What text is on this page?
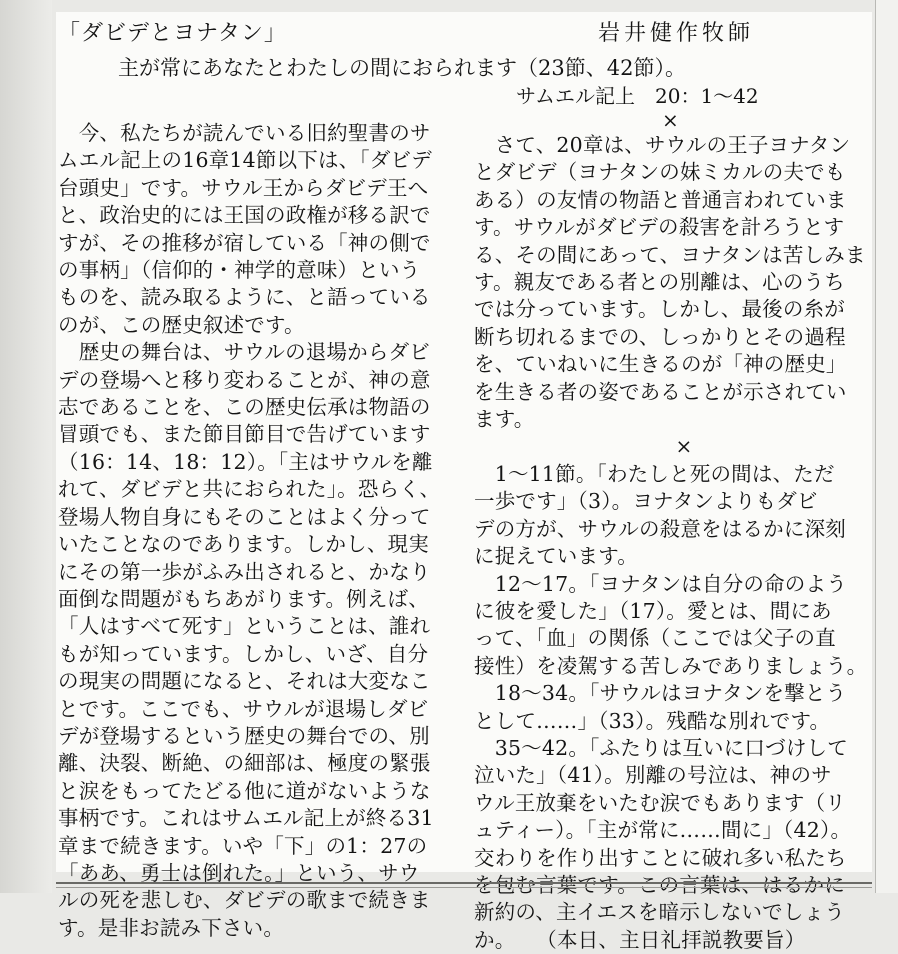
「ダビデとヨナタン」	岩井健作牧師
主が常にあなたとわたしの間におられます（23節、42節）。
サムエル記上　20：1～42
×
　今、私たちが読んでいる旧約聖書のサ
ムエル記上の16章14節以下は、「ダビデ
台頭史」です。サウル王からダビデ王へ
と、政治史的には王国の政権が移る訳で
すが、その推移が宿している「神の側で
の事柄」（信仰的・神学的意味）という
ものを、読み取るように、と語っている
のが、この歴史叙述です。
　歴史の舞台は、サウルの退場からダビ
デの登場へと移り変わることが、神の意
志であることを、この歴史伝承は物語の
冒頭でも、また節目節目で告げています
（16：14、18：12）。「主はサウルを離
れて、ダビデと共におられた」。恐らく、
登場人物自身にもそのことはよく分って
いたことなのであります。しかし、現実
にその第一歩がふみ出されると、かなり
面倒な問題がもちあがります。例えば、
「人はすべて死す」ということは、誰れ
もが知っています。しかし、いざ、自分
の現実の問題になると、それは大変なこ
とです。ここでも、サウルが退場しダビ
デが登場するという歴史の舞台での、別
離、決裂、断絶、の細部は、極度の緊張
と涙をもってたどる他に道がないような
事柄です。これはサムエル記上が終る31
章まで続きます。いや「下」の1：27の
「ああ、勇士は倒れた。」という、サウ
ルの死を悲しむ、ダビデの歌まで続きま
す。是非お読み下さい。
　さて、20章は、サウルの王子ヨナタン
とダビデ（ヨナタンの妹ミカルの夫でも
ある）の友情の物語と普通言われていま
す。サウルがダビデの殺害を計ろうとす
る、その間にあって、ヨナタンは苦しみま
す。親友である者との別離は、心のうち
では分っています。しかし、最後の糸が
断ち切れるまでの、しっかりとその過程
を、ていねいに生きるのが「神の歴史」
を生きる者の姿であることが示されてい
ます。
×
　1～11節。「わたしと死の間は、ただ
一歩です」（3）。ヨナタンよりもダビ
デの方が、サウルの殺意をはるかに深刻
に捉えています。
　12～17。「ヨナタンは自分の命のよう
に彼を愛した」（17）。愛とは、間にあ
って、「血」の関係（ここでは父子の直
接性）を凌駕する苦しみでありましょう。
　18～34。「サウルはヨナタンを撃とう
として……」（33）。残酷な別れです。
　35～42。「ふたりは互いに口づけして
泣いた」（41）。別離の号泣は、神のサ
ウル王放棄をいたむ涙でもあります（リ
ュティー）。「主が常に……間に」（42）。
交わりを作り出すことに破れ多い私たち
を包む言葉です。この言葉は、はるかに
新約の、主イエスを暗示しないでしょう
か。　　（本日、主日礼拝説教要旨）
